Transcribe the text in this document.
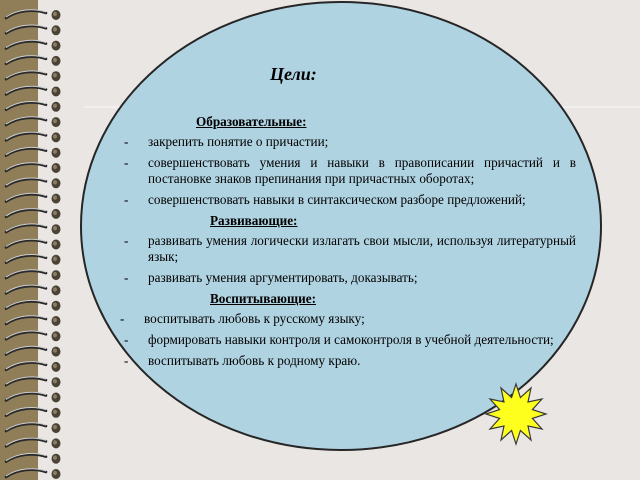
Цели:
Образовательные:
- закрепить понятие о причастии;
- совершенствовать умения и навыки в правописании причастий и в постановке знаков препинания при причастных оборотах;
- совершенствовать навыки в синтаксическом разборе предложений;
Развивающие:
- развивать умения логически излагать свои мысли, используя литературный язык;
- развивать умения аргументировать, доказывать;
Воспитывающие:
- воспитывать любовь к русскому языку;
- формировать навыки контроля и самоконтроля в учебной деятельности;
- воспитывать любовь к родному краю.
